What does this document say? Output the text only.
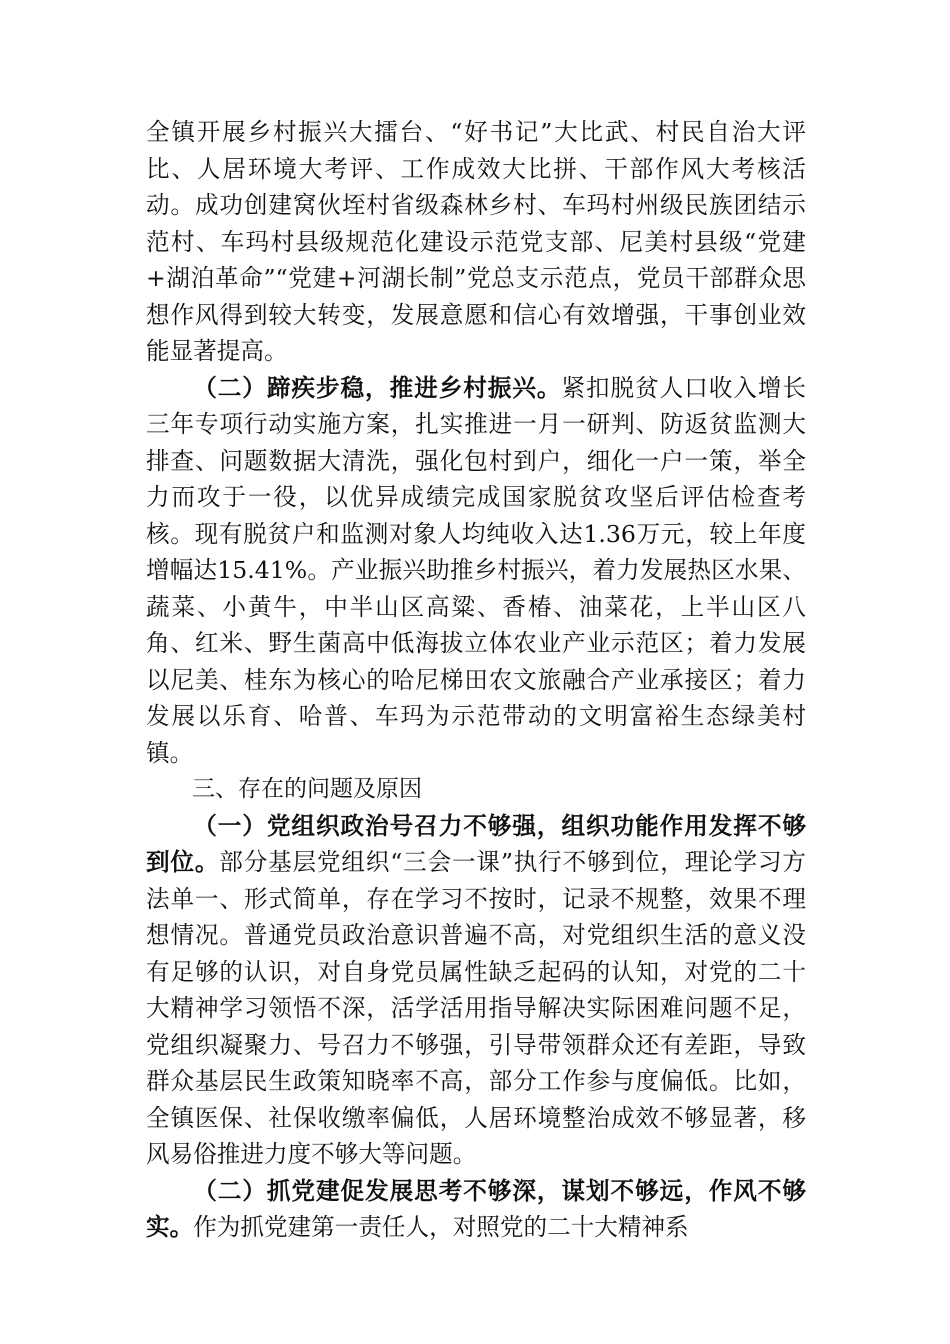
全镇开展乡村振兴大擂台、“好书记”大比武、村民自治大评比、人居环境大考评、工作成效大比拼、干部作风大考核活动。成功创建窝伙垤村省级森林乡村、车玛村州级民族团结示范村、车玛村县级规范化建设示范党支部、尼美村县级“党建+湖泊革命”“党建+河湖长制”党总支示范点，党员干部群众思想作风得到较大转变，发展意愿和信心有效增强，干事创业效能显著提高。

（二）蹄疾步稳，推进乡村振兴。紧扣脱贫人口收入增长三年专项行动实施方案，扎实推进一月一研判、防返贫监测大排查、问题数据大清洗，强化包村到户，细化一户一策，举全力而攻于一役，以优异成绩完成国家脱贫攻坚后评估检查考核。现有脱贫户和监测对象人均纯收入达1.36万元，较上年度增幅达15.41%。产业振兴助推乡村振兴，着力发展热区水果、蔬菜、小黄牛，中半山区高粱、香椿、油菜花，上半山区八角、红米、野生菌高中低海拔立体农业产业示范区；着力发展以尼美、桂东为核心的哈尼梯田农文旅融合产业承接区；着力发展以乐育、哈普、车玛为示范带动的文明富裕生态绿美村镇。

三、存在的问题及原因

（一）党组织政治号召力不够强，组织功能作用发挥不够到位。部分基层党组织“三会一课”执行不够到位，理论学习方法单一、形式简单，存在学习不按时，记录不规整，效果不理想情况。普通党员政治意识普遍不高，对党组织生活的意义没有足够的认识，对自身党员属性缺乏起码的认知，对党的二十大精神学习领悟不深，活学活用指导解决实际困难问题不足，党组织凝聚力、号召力不够强，引导带领群众还有差距，导致群众基层民生政策知晓率不高，部分工作参与度偏低。比如，全镇医保、社保收缴率偏低，人居环境整治成效不够显著，移风易俗推进力度不够大等问题。

（二）抓党建促发展思考不够深，谋划不够远，作风不够实。作为抓党建第一责任人，对照党的二十大精神系
